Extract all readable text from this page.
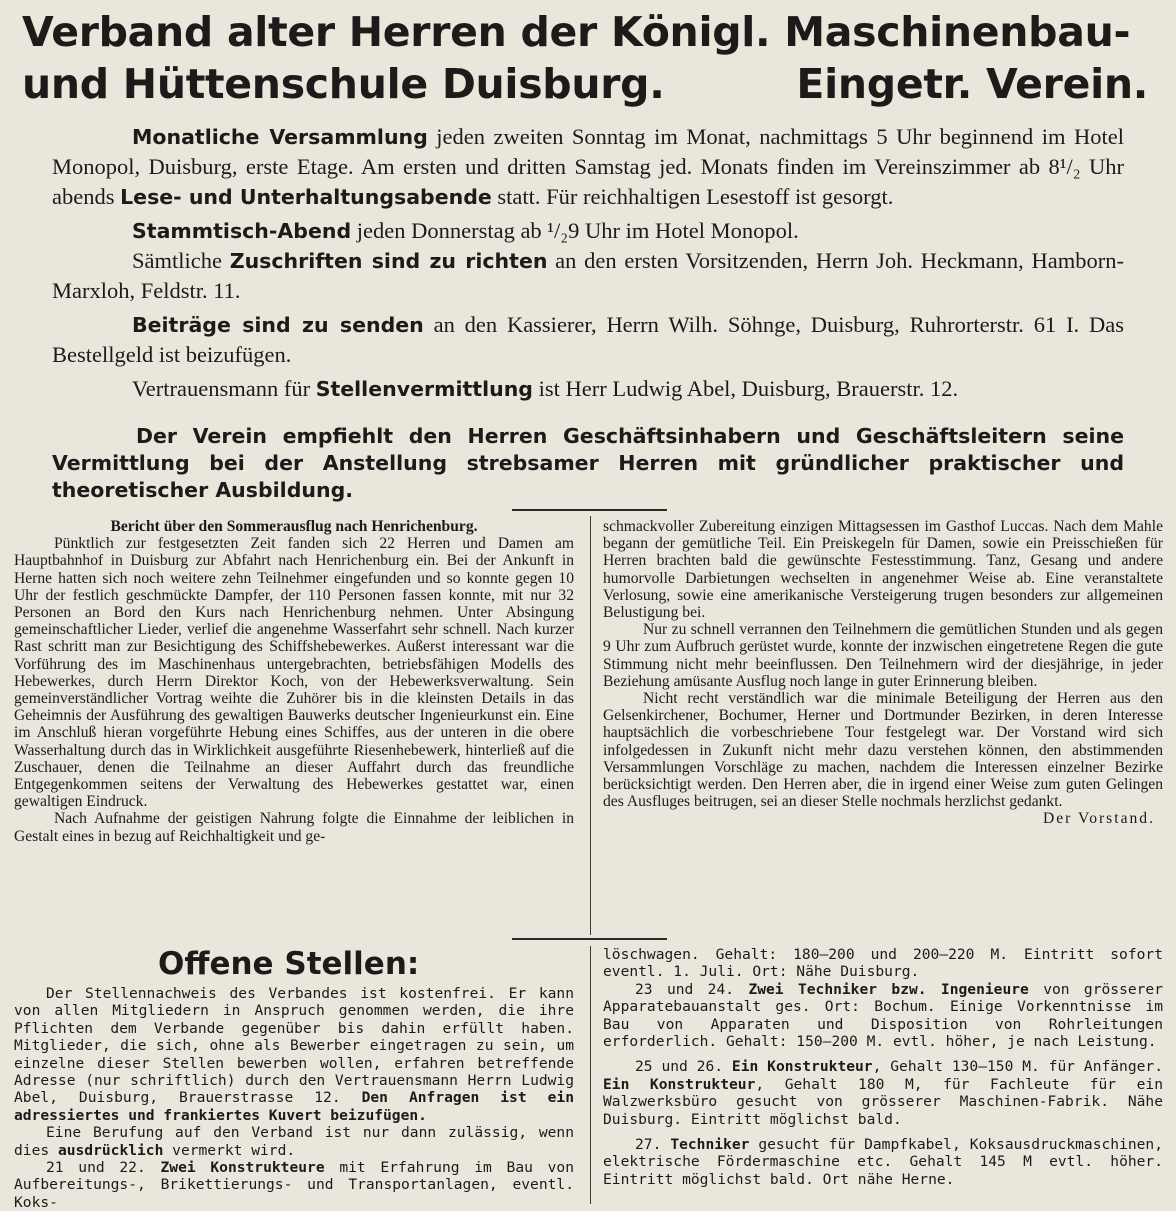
Verband alter Herren der Königl. Maschinenbau-
und Hüttenschule Duisburg.	Eingetr. Verein.

Monatliche Versammlung jeden zweiten Sonntag im Monat, nachmittags 5 Uhr beginnend im Hotel Monopol, Duisburg, erste Etage. Am ersten und dritten Samstag jed. Monats finden im Vereinszimmer ab 8¹/₂ Uhr abends Lese- und Unterhaltungsabende statt. Für reichhaltigen Lesestoff ist gesorgt.

Stammtisch-Abend jeden Donnerstag ab ¹/₂9 Uhr im Hotel Monopol.

Sämtliche Zuschriften sind zu richten an den ersten Vorsitzenden, Herrn Joh. Heckmann, Hamborn-Marxloh, Feldstr. 11.

Beiträge sind zu senden an den Kassierer, Herrn Wilh. Söhnge, Duisburg, Ruhrorterstr. 61 I. Das Bestellgeld ist beizufügen.

Vertrauensmann für Stellenvermittlung ist Herr Ludwig Abel, Duisburg, Brauerstr. 12.

Der Verein empfiehlt den Herren Geschäftsinhabern und Geschäftsleitern seine Vermittlung bei der Anstellung strebsamer Herren mit gründlicher praktischer und theoretischer Ausbildung.
Bericht über den Sommerausflug nach Henrichenburg.

Pünktlich zur festgesetzten Zeit fanden sich 22 Herren und Damen am Hauptbahnhof in Duisburg zur Abfahrt nach Henrichenburg ein. Bei der Ankunft in Herne hatten sich noch weitere zehn Teilnehmer eingefunden und so konnte gegen 10 Uhr der festlich geschmückte Dampfer, der 110 Personen fassen konnte, mit nur 32 Personen an Bord den Kurs nach Henrichenburg nehmen. Unter Absingung gemeinschaftlicher Lieder, verlief die angenehme Wasserfahrt sehr schnell. Nach kurzer Rast schritt man zur Besichtigung des Schiffshebewerkes. Außerst interessant war die Vorführung des im Maschinenhaus untergebrachten, betriebsfähigen Modells des Hebewerkes, durch Herrn Direktor Koch, von der Hebewerksverwaltung. Sein gemeinverständlicher Vortrag weihte die Zuhörer bis in die kleinsten Details in das Geheimnis der Ausführung des gewaltigen Bauwerks deutscher Ingenieurkunst ein. Eine im Anschluß hieran vorgeführte Hebung eines Schiffes, aus der unteren in die obere Wasserhaltung durch das in Wirklichkeit ausgeführte Riesenhebewerk, hinterließ auf die Zuschauer, denen die Teilnahme an dieser Auffahrt durch das freundliche Entgegenkommen seitens der Verwaltung des Hebewerkes gestattet war, einen gewaltigen Eindruck.

Nach Aufnahme der geistigen Nahrung folgte die Einnahme der leiblichen in Gestalt eines in bezug auf Reichhaltigkeit und ge-

schmackvoller Zubereitung einzigen Mittagsessen im Gasthof Luccas. Nach dem Mahle begann der gemütliche Teil. Ein Preiskegeln für Damen, sowie ein Preisschießen für Herren brachten bald die gewünschte Festesstimmung. Tanz, Gesang und andere humorvolle Darbietungen wechselten in angenehmer Weise ab. Eine veranstaltete Verlosung, sowie eine amerikanische Versteigerung trugen besonders zur allgemeinen Belustigung bei.

Nur zu schnell verrannen den Teilnehmern die gemütlichen Stunden und als gegen 9 Uhr zum Aufbruch gerüstet wurde, konnte der inzwischen eingetretene Regen die gute Stimmung nicht mehr beeinflussen. Den Teilnehmern wird der diesjährige, in jeder Beziehung amüsante Ausflug noch lange in guter Erinnerung bleiben.

Nicht recht verständlich war die minimale Beteiligung der Herren aus den Gelsenkirchener, Bochumer, Herner und Dortmunder Bezirken, in deren Interesse hauptsächlich die vorbeschriebene Tour festgelegt war. Der Vorstand wird sich infolgedessen in Zukunft nicht mehr dazu verstehen können, den abstimmenden Versammlungen Vorschläge zu machen, nachdem die Interessen einzelner Bezirke berücksichtigt werden. Den Herren aber, die in irgend einer Weise zum guten Gelingen des Ausfluges beitrugen, sei an dieser Stelle nochmals herzlichst gedankt.

Der Vorstand.
Offene Stellen:

Der Stellennachweis des Verbandes ist kostenfrei. Er kann von allen Mitgliedern in Anspruch genommen werden, die ihre Pflichten dem Verbande gegenüber bis dahin erfüllt haben. Mitglieder, die sich, ohne als Bewerber eingetragen zu sein, um einzelne dieser Stellen bewerben wollen, erfahren betreffende Adresse (nur schriftlich) durch den Vertrauensmann Herrn Ludwig Abel, Duisburg, Brauerstrasse 12. Den Anfragen ist ein adressiertes und frankiertes Kuvert beizufügen.

Eine Berufung auf den Verband ist nur dann zulässig, wenn dies ausdrücklich vermerkt wird.

21 und 22. Zwei Konstrukteure mit Erfahrung im Bau von Aufbereitungs-, Brikettierungs- und Transportanlagen, eventl. Koks-

löschwagen. Gehalt: 180—200 und 200—220 M. Eintritt sofort eventl. 1. Juli. Ort: Nähe Duisburg.

23 und 24. Zwei Techniker bzw. Ingenieure von grösserer Apparatebauanstalt ges. Ort: Bochum. Einige Vorkenntnisse im Bau von Apparaten und Disposition von Rohrleitungen erforderlich. Gehalt: 150—200 M. evtl. höher, je nach Leistung.

25 und 26. Ein Konstrukteur, Gehalt 130—150 M. für Anfänger. Ein Konstrukteur, Gehalt 180 M, für Fachleute für ein Walzwerksbüro gesucht von grösserer Maschinen-Fabrik. Nähe Duisburg. Eintritt möglichst bald.

27. Techniker gesucht für Dampfkabel, Koksausdruckmaschinen, elektrische Fördermaschine etc. Gehalt 145 M evtl. höher. Eintritt möglichst bald. Ort nähe Herne.
